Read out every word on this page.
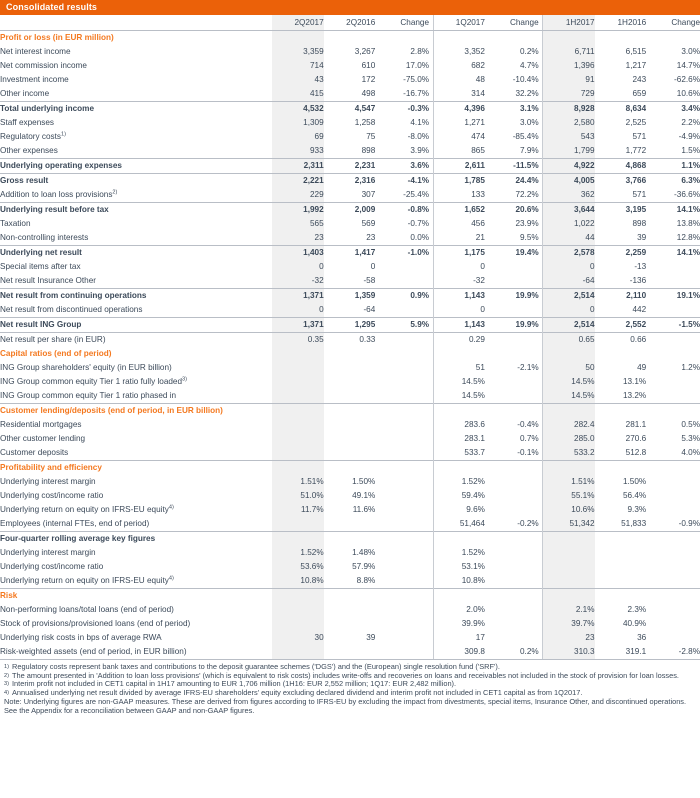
Consolidated results
	2Q2017	2Q2016	Change		1Q2017	Change		1H2017	1H2016	Change
Profit or loss (in EUR million)										
Net interest income	3,359	3,267	2.8%		3,352	0.2%		6,711	6,515	3.0%
Net commission income	714	610	17.0%		682	4.7%		1,396	1,217	14.7%
Investment income	43	172	-75.0%		48	-10.4%		91	243	-62.6%
Other income	415	498	-16.7%		314	32.2%		729	659	10.6%
Total underlying income	4,532	4,547	-0.3%		4,396	3.1%		8,928	8,634	3.4%
Staff expenses	1,309	1,258	4.1%		1,271	3.0%		2,580	2,525	2.2%
Regulatory costs$^{1)}$	69	75	-8.0%		474	-85.4%		543	571	-4.9%
Other expenses	933	898	3.9%		865	7.9%		1,799	1,772	1.5%
Underlying operating expenses	2,311	2,231	3.6%		2,611	-11.5%		4,922	4,868	1.1%
Gross result	2,221	2,316	-4.1%		1,785	24.4%		4,005	3,766	6.3%
Addition to loan loss provisions$^{2)}$	229	307	-25.4%		133	72.2%		362	571	-36.6%
Underlying result before tax	1,992	2,009	-0.8%		1,652	20.6%		3,644	3,195	14.1%
Taxation	565	569	-0.7%		456	23.9%		1,022	898	13.8%
Non-controlling interests	23	23	0.0%		21	9.5%		44	39	12.8%
Underlying net result	1,403	1,417	-1.0%		1,175	19.4%		2,578	2,259	14.1%
Special items after tax	0	0			0			0	-13	
Net result Insurance Other	-32	-58			-32			-64	-136	
Net result from continuing operations	1,371	1,359	0.9%		1,143	19.9%		2,514	2,110	19.1%
Net result from discontinued operations	0	-64			0			0	442	
Net result ING Group	1,371	1,295	5.9%		1,143	19.9%		2,514	2,552	-1.5%
Net result per share (in EUR)	0.35	0.33			0.29			0.65	0.66	
Capital ratios (end of period)										
ING Group shareholders' equity (in EUR billion)					51	-2.1%		50	49	1.2%
ING Group common equity Tier 1 ratio fully loaded$^{3)}$					14.5%			14.5%	13.1%	
ING Group common equity Tier 1 ratio phased in					14.5%			14.5%	13.2%	
Customer lending/deposits (end of period, in EUR billion)										
Residential mortgages					283.6	-0.4%		282.4	281.1	0.5%
Other customer lending					283.1	0.7%		285.0	270.6	5.3%
Customer deposits					533.7	-0.1%		533.2	512.8	4.0%
Profitability and efficiency										
Underlying interest margin	1.51%	1.50%			1.52%			1.51%	1.50%	
Underlying cost/income ratio	51.0%	49.1%			59.4%			55.1%	56.4%	
Underlying return on equity on IFRS-EU equity$^{4)}$	11.7%	11.6%			9.6%			10.6%	9.3%	
Employees (internal FTEs, end of period)					51,464	-0.2%		51,342	51,833	-0.9%
Four-quarter rolling average key figures										
Underlying interest margin	1.52%	1.48%			1.52%					
Underlying cost/income ratio	53.6%	57.9%			53.1%					
Underlying return on equity on IFRS-EU equity$^{4)}$	10.8%	8.8%			10.8%					
Risk										
Non-performing loans/total loans (end of period)					2.0%			2.1%	2.3%	
Stock of provisions/provisioned loans (end of period)					39.9%			39.7%	40.9%	
Underlying risk costs in bps of average RWA	30	39			17			23	36	
Risk-weighted assets (end of period, in EUR billion)					309.8	0.2%		310.3	319.1	-2.8%
1) Regulatory costs represent bank taxes and contributions to the deposit guarantee schemes ('DGS') and the (European) single resolution fund ('SRF').
2) The amount presented in 'Addition to loan loss provisions' (which is equivalent to risk costs) includes write-offs and recoveries on loans and receivables not included in the stock of provision for loan losses.
3) Interim profit not included in CET1 capital in 1H17 amounting to EUR 1,706 million (1H16: EUR 2,552 million; 1Q17: EUR 2,482 million).
4) Annualised underlying net result divided by average IFRS-EU shareholders' equity excluding declared dividend and interim profit not included in CET1 capital as from 1Q2017.
Note: Underlying figures are non-GAAP measures. These are derived from figures according to IFRS-EU by excluding the impact from divestments, special items, Insurance Other, and discontinued operations. See the Appendix for a reconciliation between GAAP and non-GAAP figures.
